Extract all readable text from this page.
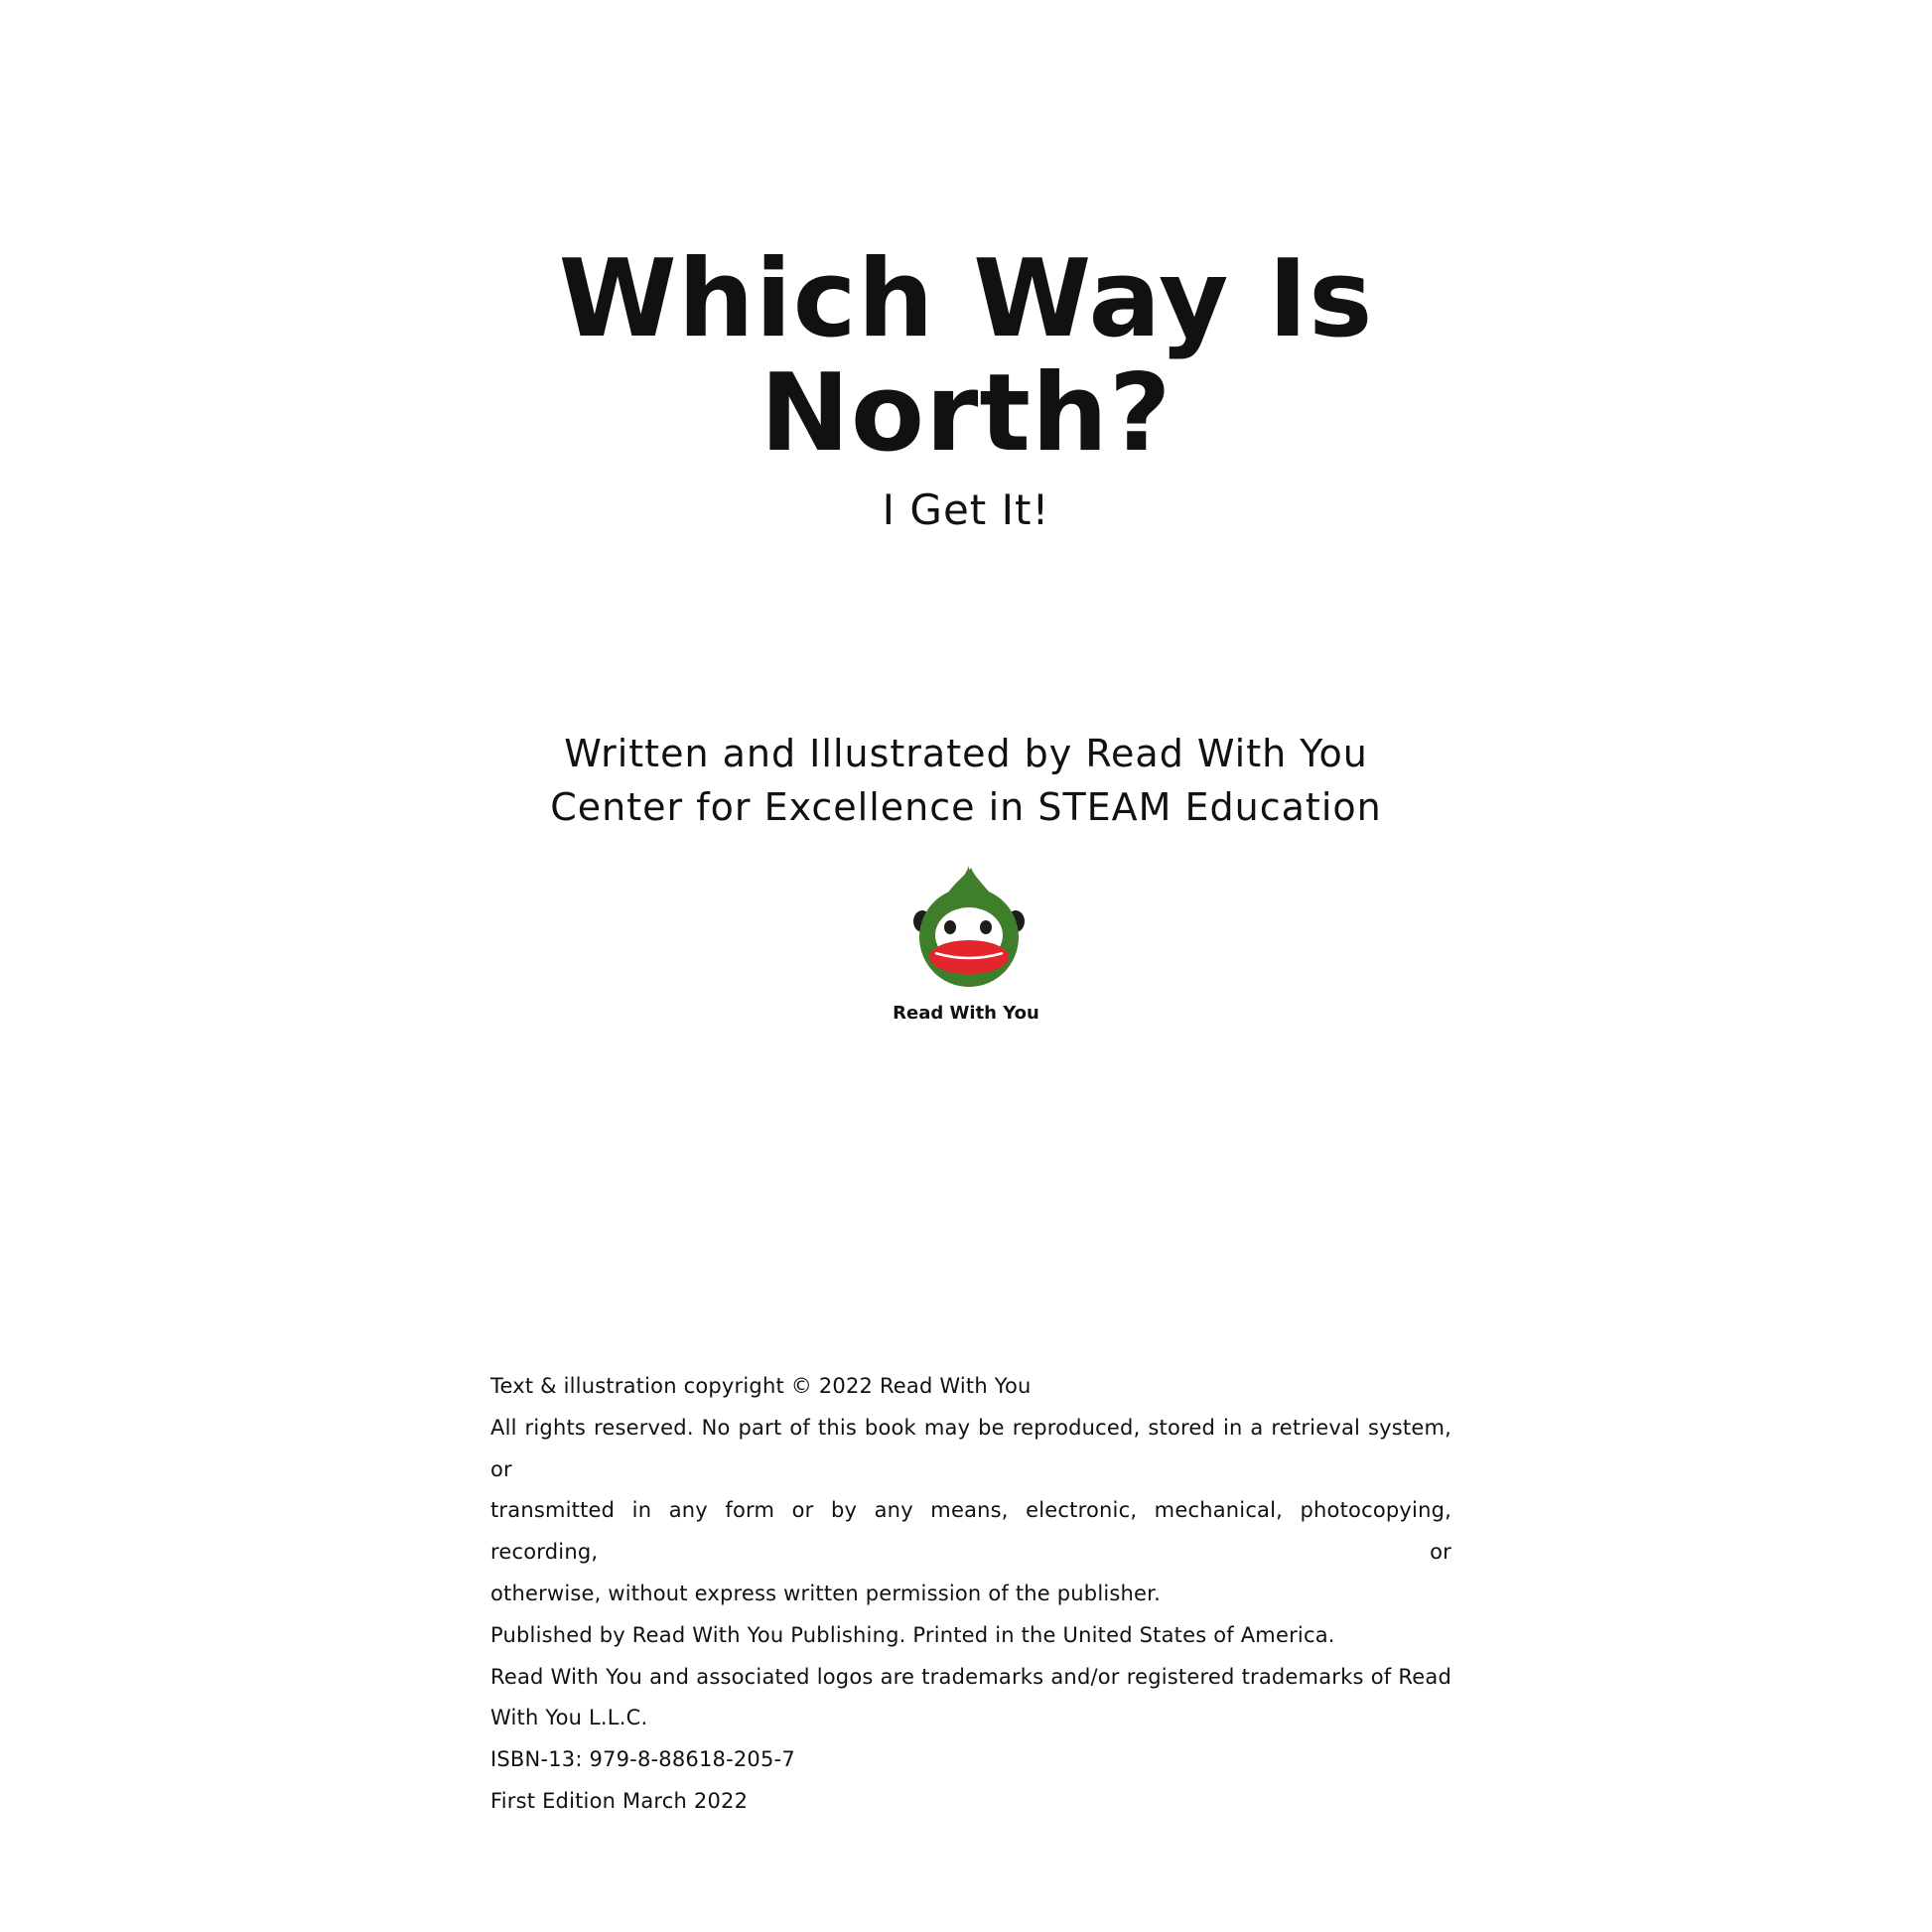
Which Way Is
North?
I Get It!
Written and Illustrated by Read With You
Center for Excellence in STEAM Education
Read With You
Text & illustration copyright © 2022 Read With You
All rights reserved. No part of this book may be reproduced, stored in a retrieval system, or
transmitted in any form or by any means, electronic, mechanical, photocopying, recording, or
otherwise, without express written permission of the publisher.
Published by Read With You Publishing. Printed in the United States of America.
Read With You and associated logos are trademarks and/or registered trademarks of Read
With You L.L.C.
ISBN-13: 979-8-88618-205-7
First Edition March 2022
